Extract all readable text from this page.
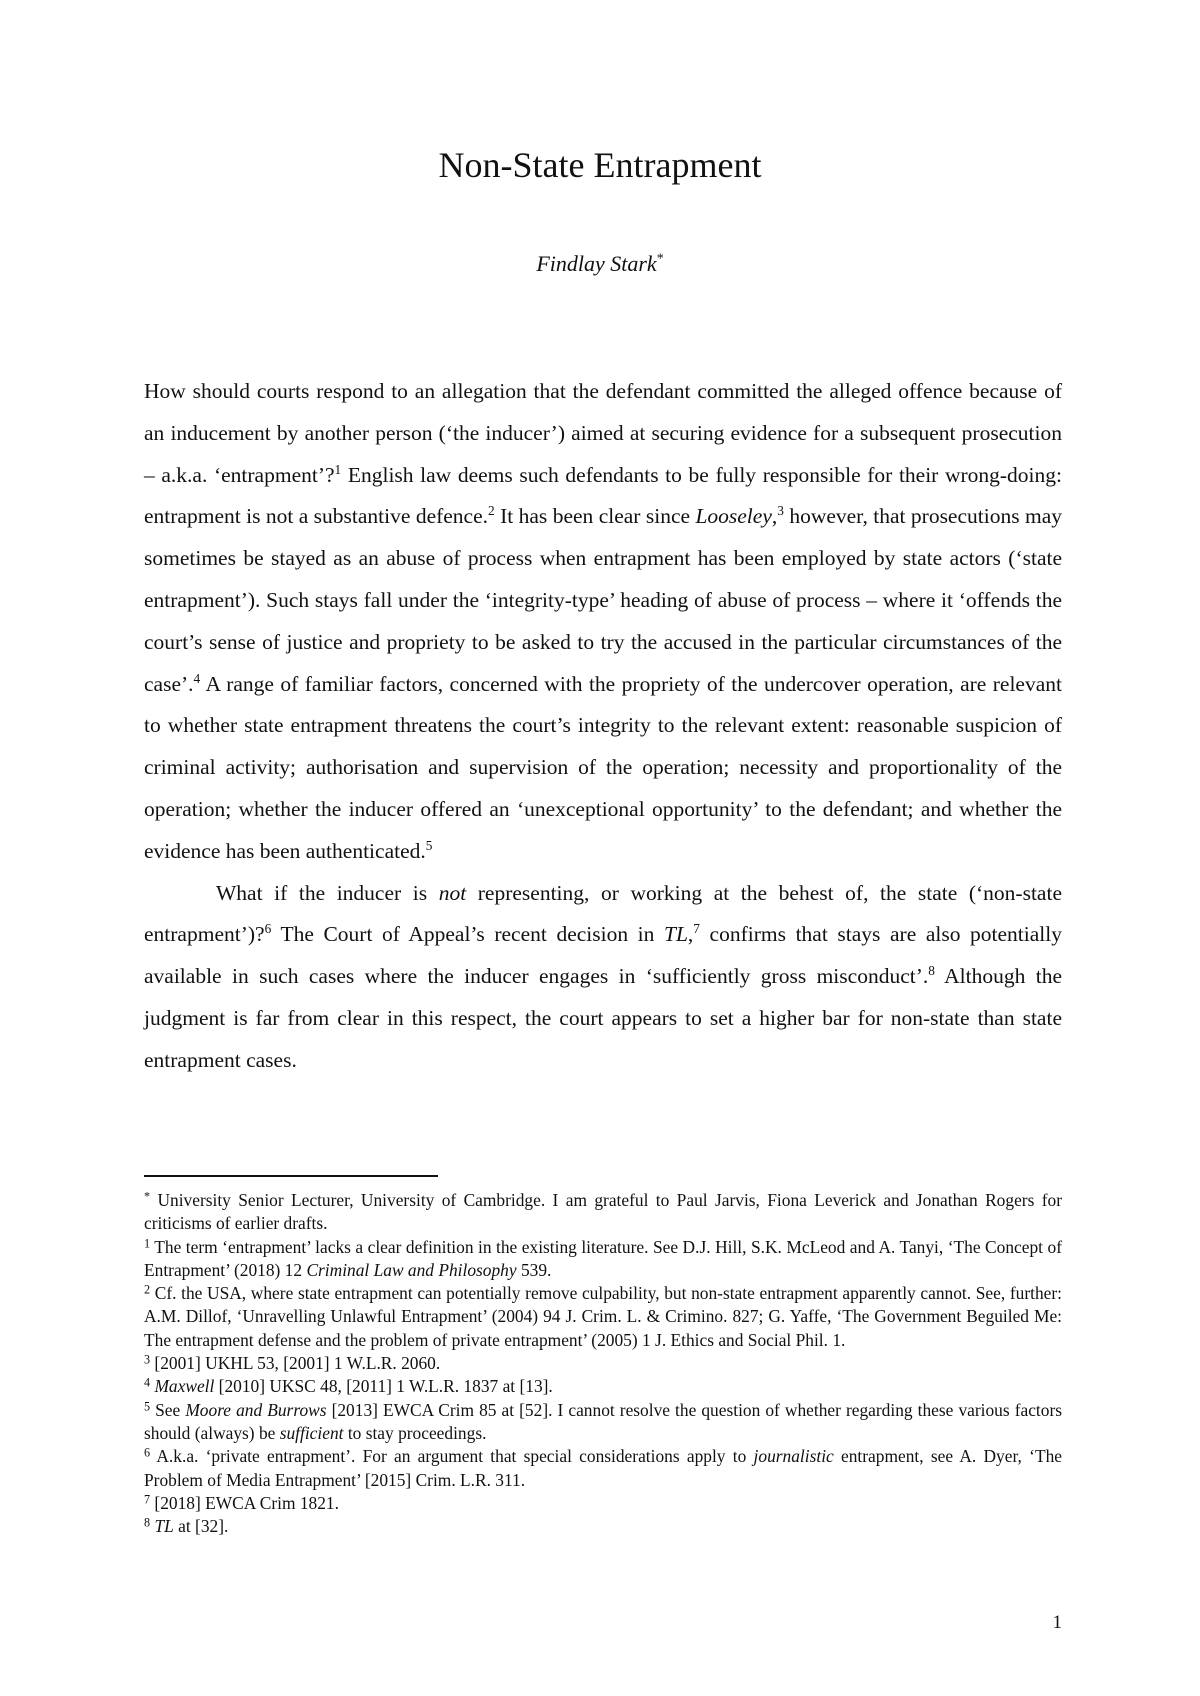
Non-State Entrapment
Findlay Stark*

How should courts respond to an allegation that the defendant committed the alleged offence because of an inducement by another person (‘the inducer’) aimed at securing evidence for a subsequent prosecution – a.k.a. ‘entrapment’?$^1$ English law deems such defendants to be fully responsible for their wrong-doing: entrapment is not a substantive defence.$^2$ It has been clear since Looseley,$^3$ however, that prosecutions may sometimes be stayed as an abuse of process when entrapment has been employed by state actors (‘state entrapment’). Such stays fall under the ‘integrity-type’ heading of abuse of process – where it ‘offends the court’s sense of justice and propriety to be asked to try the accused in the particular circumstances of the case’.$^4$ A range of familiar factors, concerned with the propriety of the undercover operation, are relevant to whether state entrapment threatens the court’s integrity to the relevant extent: reasonable suspicion of criminal activity; authorisation and supervision of the operation; necessity and proportionality of the operation; whether the inducer offered an ‘unexceptional opportunity’ to the defendant; and whether the evidence has been authenticated.$^5$

What if the inducer is not representing, or working at the behest of, the state (‘non-state entrapment’)?$^6$ The Court of Appeal’s recent decision in TL,$^7$ confirms that stays are also potentially available in such cases where the inducer engages in ‘sufficiently gross misconduct’.$^8$ Although the judgment is far from clear in this respect, the court appears to set a higher bar for non-state than state entrapment cases.

* University Senior Lecturer, University of Cambridge. I am grateful to Paul Jarvis, Fiona Leverick and Jonathan Rogers for criticisms of earlier drafts.

$^1$ The term ‘entrapment’ lacks a clear definition in the existing literature. See D.J. Hill, S.K. McLeod and A. Tanyi, ‘The Concept of Entrapment’ (2018) 12 Criminal Law and Philosophy 539.

$^2$ Cf. the USA, where state entrapment can potentially remove culpability, but non-state entrapment apparently cannot. See, further: A.M. Dillof, ‘Unravelling Unlawful Entrapment’ (2004) 94 J. Crim. L. & Crimino. 827; G. Yaffe, ‘The Government Beguiled Me: The entrapment defense and the problem of private entrapment’ (2005) 1 J. Ethics and Social Phil. 1.

$^3$ [2001] UKHL 53, [2001] 1 W.L.R. 2060.

$^4$ Maxwell [2010] UKSC 48, [2011] 1 W.L.R. 1837 at [13].

$^5$ See Moore and Burrows [2013] EWCA Crim 85 at [52]. I cannot resolve the question of whether regarding these various factors should (always) be sufficient to stay proceedings.

$^6$ A.k.a. ‘private entrapment’. For an argument that special considerations apply to journalistic entrapment, see A. Dyer, ‘The Problem of Media Entrapment’ [2015] Crim. L.R. 311.

$^7$ [2018] EWCA Crim 1821.

$^8$ TL at [32].

1
